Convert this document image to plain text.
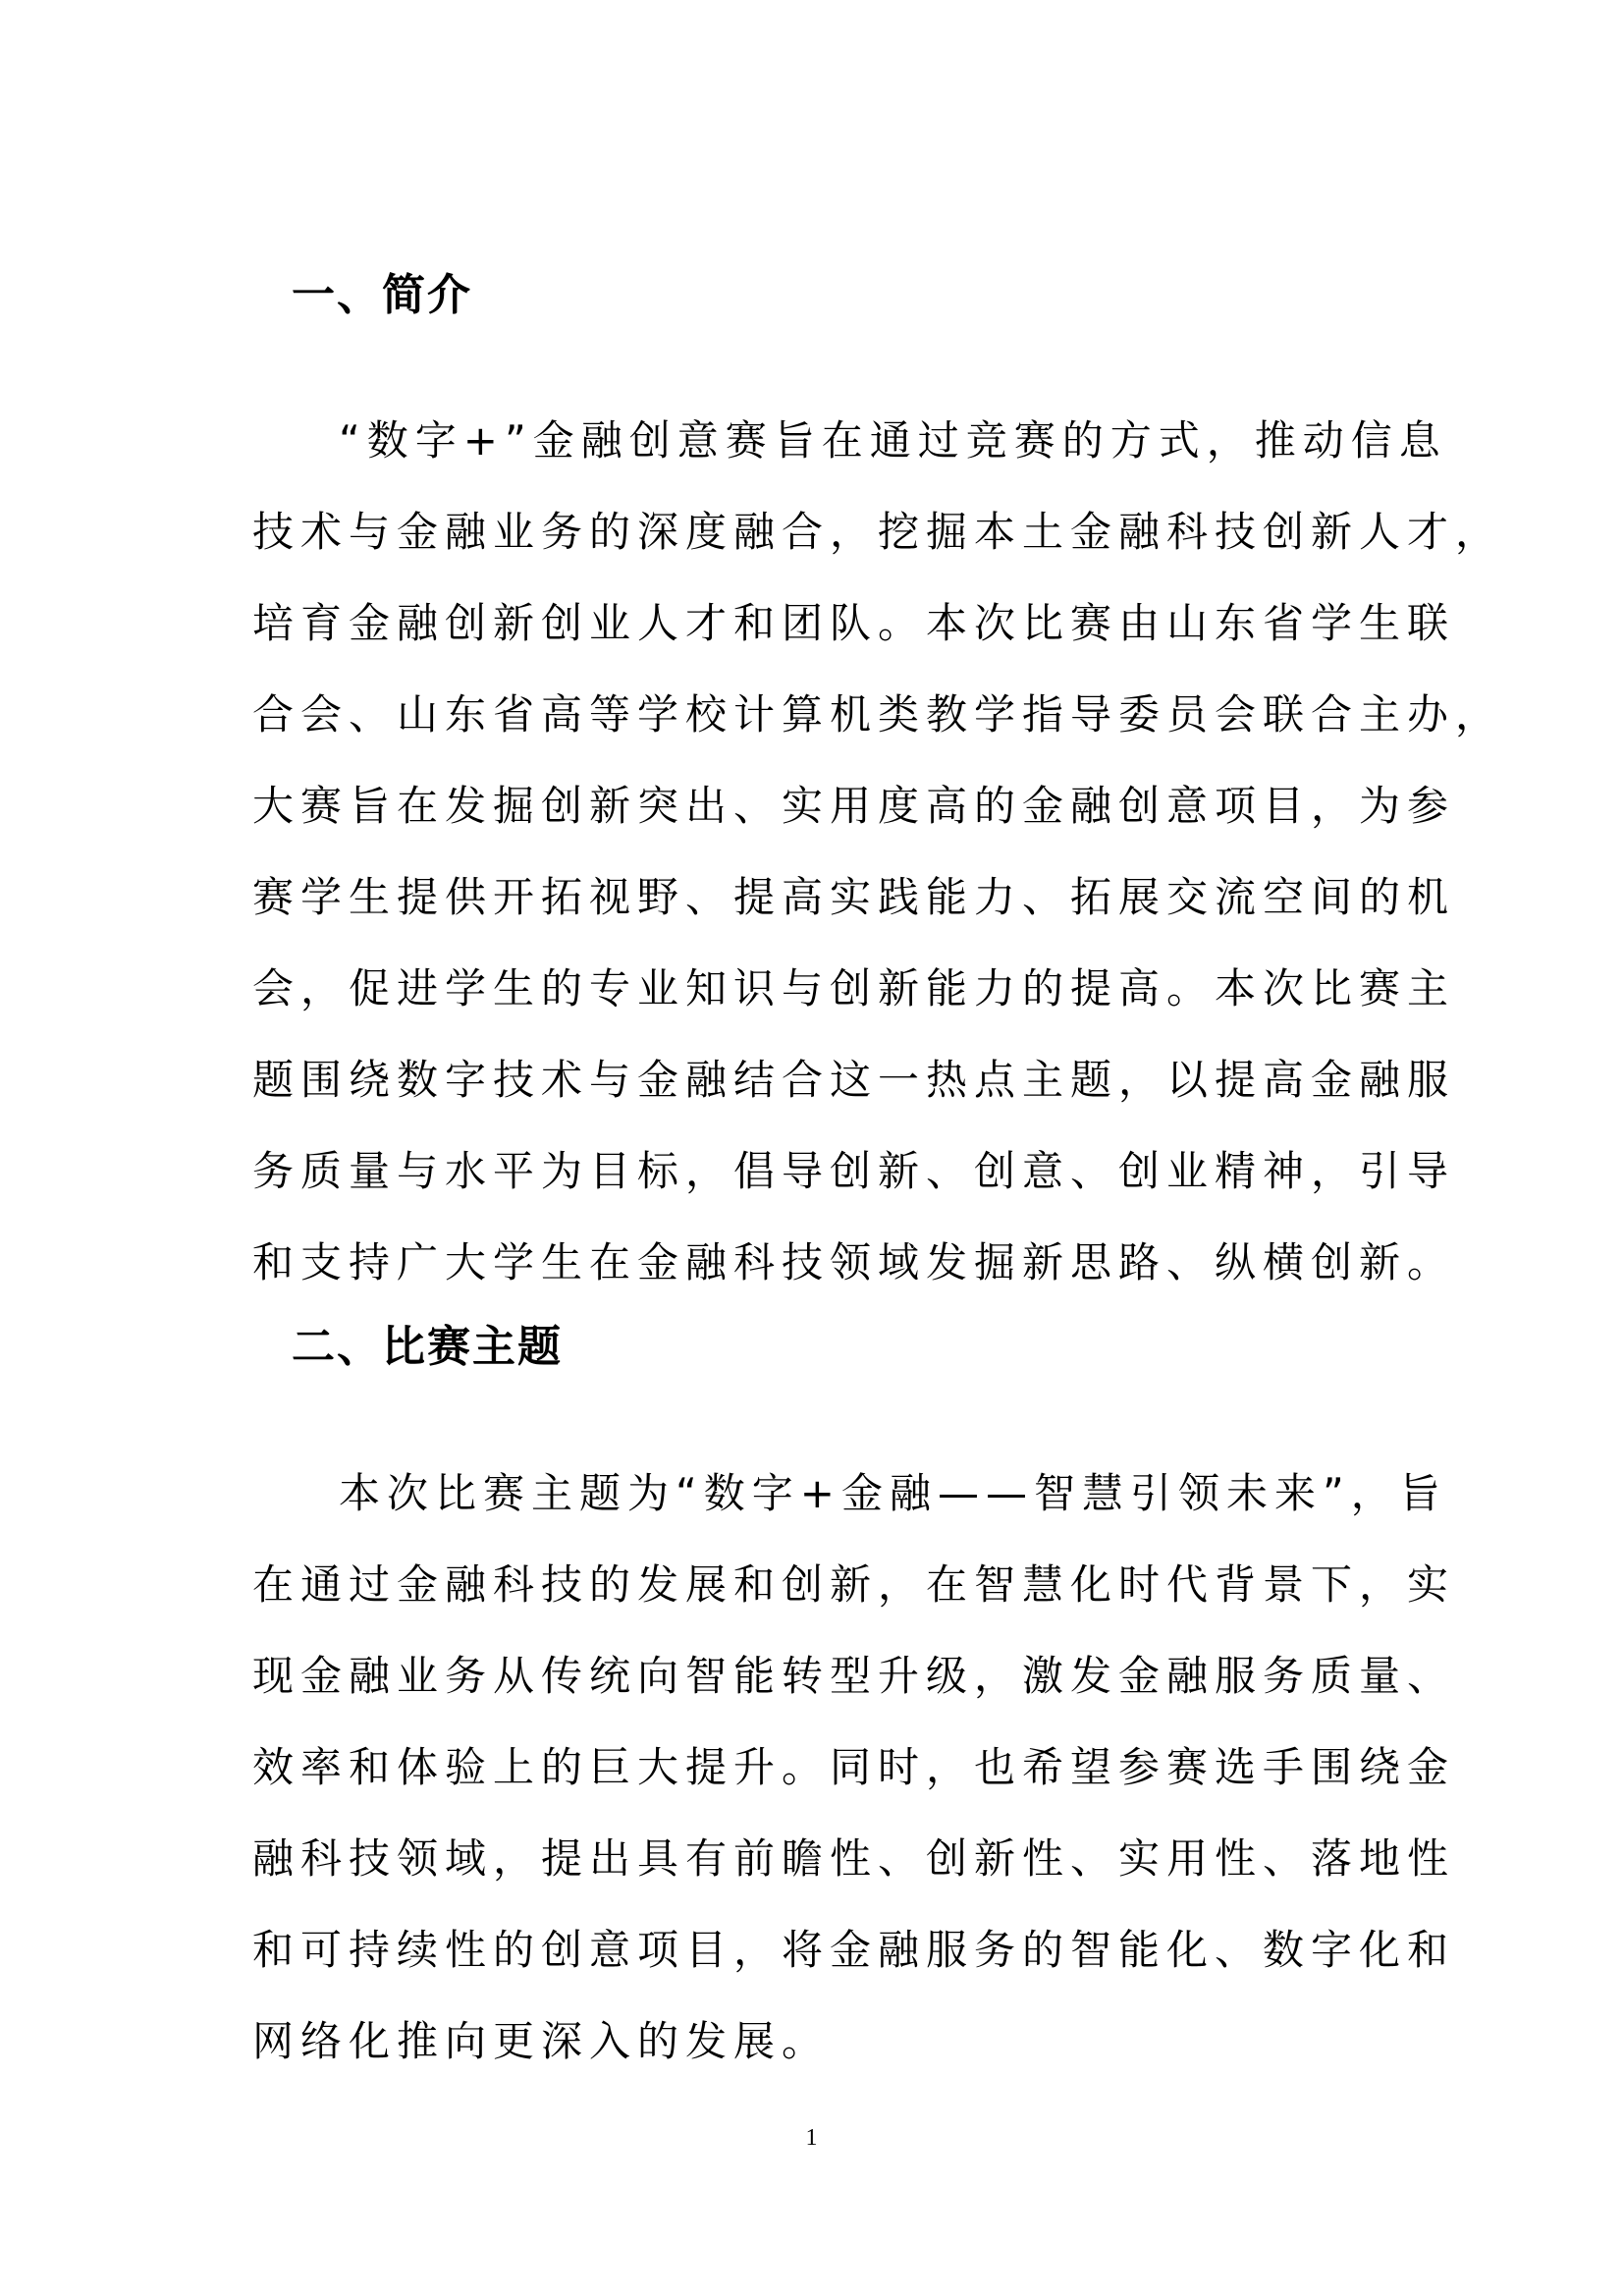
一、简介
“数字+”金融创意赛旨在通过竞赛的方式，推动信息
技术与金融业务的深度融合，挖掘本土金融科技创新人才，
培育金融创新创业人才和团队。本次比赛由山东省学生联
合会、山东省高等学校计算机类教学指导委员会联合主办，
大赛旨在发掘创新突出、实用度高的金融创意项目，为参
赛学生提供开拓视野、提高实践能力、拓展交流空间的机
会，促进学生的专业知识与创新能力的提高。本次比赛主
题围绕数字技术与金融结合这一热点主题，以提高金融服
务质量与水平为目标，倡导创新、创意、创业精神，引导
和支持广大学生在金融科技领域发掘新思路、纵横创新。
二、比赛主题
本次比赛主题为“数字+金融——智慧引领未来”，旨
在通过金融科技的发展和创新，在智慧化时代背景下，实
现金融业务从传统向智能转型升级，激发金融服务质量、
效率和体验上的巨大提升。同时，也希望参赛选手围绕金
融科技领域，提出具有前瞻性、创新性、实用性、落地性
和可持续性的创意项目，将金融服务的智能化、数字化和
网络化推向更深入的发展。
1
